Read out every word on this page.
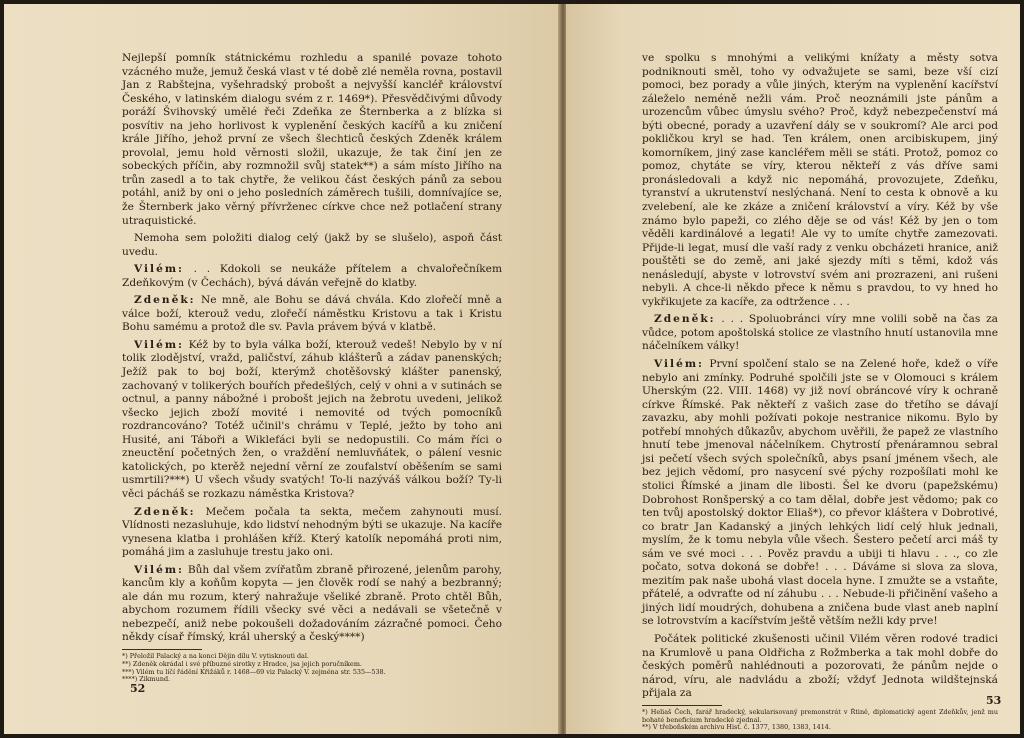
Nejlepší pomník státnickému rozhledu a spanilé povaze tohoto vzácného muže, jemuž česká vlast v té době zlé neměla rovna, postavil Jan z Rabštejna, vyšehradský probošt a nejvyšší kancléř království Českého, v latinském dialogu svém z r. 1469*). Přesvědčivými důvody poráží Švihovský umělé řeči Zdeňka ze Šternberka a z blízka si posvítiv na jeho horlivost k vyplenění českých kacířů a ku zničení krále Jiřího, jehož první ze všech šlechticů českých Zdeněk králem provolal, jemu hold věrnosti složil, ukazuje, že tak činí jen ze sobeckých příčin, aby rozmnožil svůj statek**) a sám místo Jiřího na trůn zasedl a to tak chytře, že velikou část českých pánů za sebou potáhl, aniž by oni o jeho posledních záměrech tušili, domnívajíce se, že Šternberk jako věrný přívrženec církve chce než potlačení strany utraquistické.

Nemoha sem položiti dialog celý (jakž by se slušelo), aspoň část uvedu.

Vilém: . . Kdokoli se neukáže přítelem a chvalořečníkem Zdeňkovým (v Čechách), bývá dáván veřejně do klatby.

Zdeněk: Ne mně, ale Bohu se dává chvála. Kdo zlořečí mně a válce boží, kterouž vedu, zlořečí náměstku Kristovu a tak i Kristu Bohu samému a protož dle sv. Pavla právem bývá v klatbě.

Vilém: Kéž by to byla válka boží, kterouž vedeš! Nebylo by v ní tolik zlodějství, vražd, paličství, záhub klášterů a zádav panenských; Ježíž pak to boj boží, kterýmž chotěšovský klášter panenský, zachovaný v tolikerých bouřích předešlých, celý v ohni a v sutinách se octnul, a panny nábožné i probošt jejich na žebrotu uvedeni, jelikož všecko jejich zboží movité i nemovité od tvých pomocníků rozdrancováno? Totéž učinil's chrámu v Teplé, ježto by toho ani Husité, ani Táboři a Wiklefáci byli se nedopustili. Co mám říci o zneuctění početných žen, o vraždění nemluvňátek, o pálení vesnic katolických, po kterěž nejední věrní ze zoufalství oběšením se sami usmrtili?***) U všech všudy svatých! To-li nazýváš válkou boží? Ty-li věci pácháš se rozkazu náměstka Kristova?

Zdeněk: Mečem počala ta sekta, mečem zahynouti musí. Vlídnosti nezasluhuje, kdo lidství nehodným býti se ukazuje. Na kacíře vynesena klatba i prohlášen kříž. Který katolík nepomáhá proti nim, pomáhá jim a zasluhuje trestu jako oni.

Vilém: Bůh dal všem zvířatům zbraně přirozené, jelenům parohy, kancům kly a koňům kopyta — jen člověk rodí se nahý a bezbranný; ale dán mu rozum, který nahražuje všeliké zbraně. Proto chtěl Bůh, abychom rozumem řídili všecky své věci a nedávali se všetečně v nebezpečí, aniž nebe pokoušeli dožadováním zázračné pomoci. Čeho někdy císař římský, král uherský a český****)

*) Přeložil Palacký a na konci Dějin dílu V. vytisknouti dal.
**) Zdeněk okrádal i své příbuzné sirotky z Hradce, jsa jejich poručníkem.
***) Vilém tu líčí řádění Křižáků r. 1468—69 viz Palacký V. zejména str. 535—538.
****) Zikmund.
52

ve spolku s mnohými a velikými knížaty a městy sotva podniknouti směl, toho vy odvažujete se sami, beze vší cizí pomoci, bez porady a vůle jiných, kterým na vyplenění kacířství záleželo neméně nežli vám. Proč neoznámili jste pánům a urozencům vůbec úmyslu svého? Proč, když nebezpečenství má býti obecné, porady a uzavření dály se v soukromí? Ale arci pod pokličkou kryl se had. Ten králem, onen arcibiskupem, jiný komorníkem, jiný zase kancléřem měli se státi. Protož, pomoz co pomoz, chytáte se víry, kterou někteří z vás dříve sami pronásledovali a když nic nepomáhá, provozujete, Zdeňku, tyranství a ukrutenství neslýchaná. Není to cesta k obnově a ku zvelebení, ale ke zkáze a zničení království a víry. Kéž by vše známo bylo papeži, co zlého děje se od vás! Kéž by jen o tom věděli kardinálové a legati! Ale vy to umíte chytře zamezovati. Přijde-li legat, musí dle vaší rady z venku obcházeti hranice, aniž pouštěti se do země, ani jaké sjezdy míti s těmi, kdož vás nenásledují, abyste v lotrovství svém ani prozrazeni, ani rušeni nebyli. A chce-li někdo přece k němu s pravdou, to vy hned ho vykřikujete za kacíře, za odtržence . . .

Zdeněk: . . . Spoluobránci víry mne volili sobě na čas za vůdce, potom apoštolská stolice ze vlastního hnutí ustanovila mne náčelníkem války!

Vilém: První spolčení stalo se na Zelené hoře, kdež o víře nebylo ani zmínky. Podruhé spolčili jste se v Olomouci s králem Uherským (22. VIII. 1468) vy již noví obráncové víry k ochraně církve Římské. Pak někteří z vašich zase do třetího se dávají zavazku, aby mohli požívati pokoje nestranice nikomu. Bylo by potřebí mnohých důkazův, abychom uvěřili, že papež ze vlastního hnutí tebe jmenoval náčelníkem. Chytrostí přenáramnou sebral jsi pečetí všech svých společníků, abys psaní jménem všech, ale bez jejich vědomí, pro nasycení své pýchy rozpošílati mohl ke stolici Římské a jinam dle libosti. Šel ke dvoru (papežskému) Dobrohost Ronšperský a co tam dělal, dobře jest vědomo; pak co ten tvůj apostolský doktor Eliaš*), co převor kláštera v Dobrotivé, co bratr Jan Kadanský a jiných lehkých lidí celý hluk jednali, myslím, že k tomu nebyla vůle všech. Šestero pečetí arci máš ty sám ve své moci . . . Pověz pravdu a ubiji ti hlavu . . ., co zle počato, sotva dokoná se dobře! . . . Dáváme si slova za slova, mezitím pak naše ubohá vlast docela hyne. I zmužte se a vstaňte, přátelé, a odvraťte od ní záhubu . . . Nebude-li přičinění vašeho a jiných lidí moudrých, dohubena a zničena bude vlast aneb naplní se lotrovstvím a kacířstvím ještě větším nežli kdy prve!

Počátek politické zkušenosti učinil Vilém věren rodové tradici na Krumlově u pana Oldřicha z Rožmberka a tak mohl dobře do českých poměrů nahlédnouti a pozorovati, že pánům nejde o národ, víru, ale nadvládu a zboží; vždyť Jednota wildštejnská přijala za

*) Heliaš Čech, farář hradecký, sekularisovaný premonstrát v Řtině, diplomatický agent Zdeňkův, jenž mu bohaté beneficium hradecké zjednal.
**) V třeboňském archivu Hist. č. 1377, 1380, 1383, 1414.
53
